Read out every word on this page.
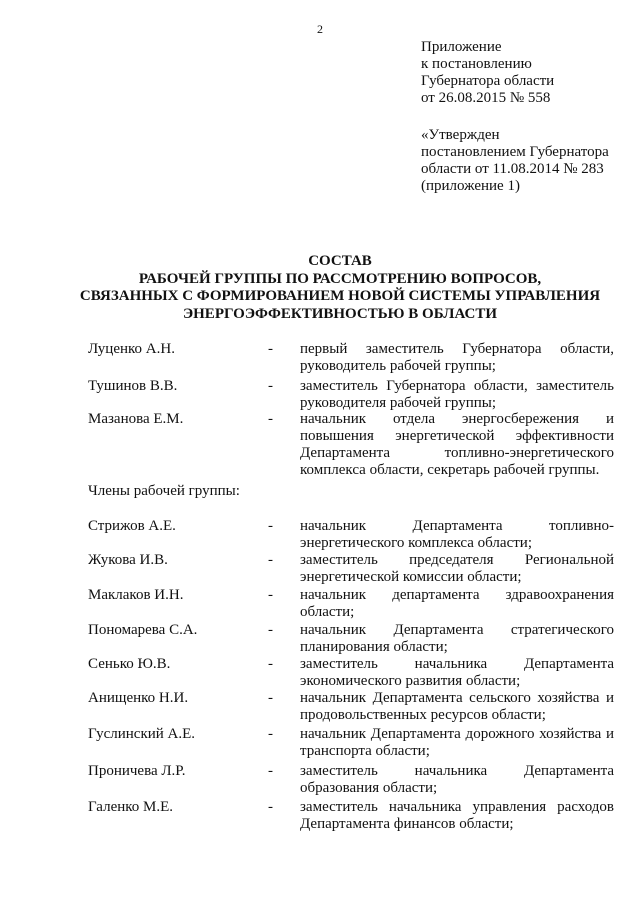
2
Приложение
к постановлению
Губернатора области
от 26.08.2015 № 558
«Утвержден
постановлением Губернатора
области от 11.08.2014 № 283
(приложение 1)
СОСТАВ
РАБОЧЕЙ ГРУППЫ ПО РАССМОТРЕНИЮ ВОПРОСОВ,
СВЯЗАННЫХ С ФОРМИРОВАНИЕМ НОВОЙ СИСТЕМЫ УПРАВЛЕНИЯ
ЭНЕРГОЭФФЕКТИВНОСТЬЮ В ОБЛАСТИ
Луценко А.Н.	- первый заместитель Губернатора области, руководитель рабочей группы;
Тушинов В.В.	- заместитель Губернатора области, заместитель руководителя рабочей группы;
Мазанова Е.М.	- начальник отдела энергосбережения и повышения энергетической эффективности Департамента топливно-энергетического комплекса области, секретарь рабочей группы.
Члены рабочей группы:
Стрижов А.Е.	- начальник Департамента топливно-энергетического комплекса области;
Жукова И.В.	- заместитель председателя Региональной энергетической комиссии области;
Маклаков И.Н.	- начальник департамента здравоохранения области;
Пономарева С.А.	- начальник Департамента стратегического планирования области;
Сенько Ю.В.	- заместитель начальника Департамента экономического развития области;
Анищенко Н.И.	- начальник Департамента сельского хозяйства и продовольственных ресурсов области;
Гуслинский А.Е.	- начальник Департамента дорожного хозяйства и транспорта области;
Проничева Л.Р.	- заместитель начальника Департамента образования области;
Галенко М.Е.	- заместитель начальника управления расходов Департамента финансов области;
